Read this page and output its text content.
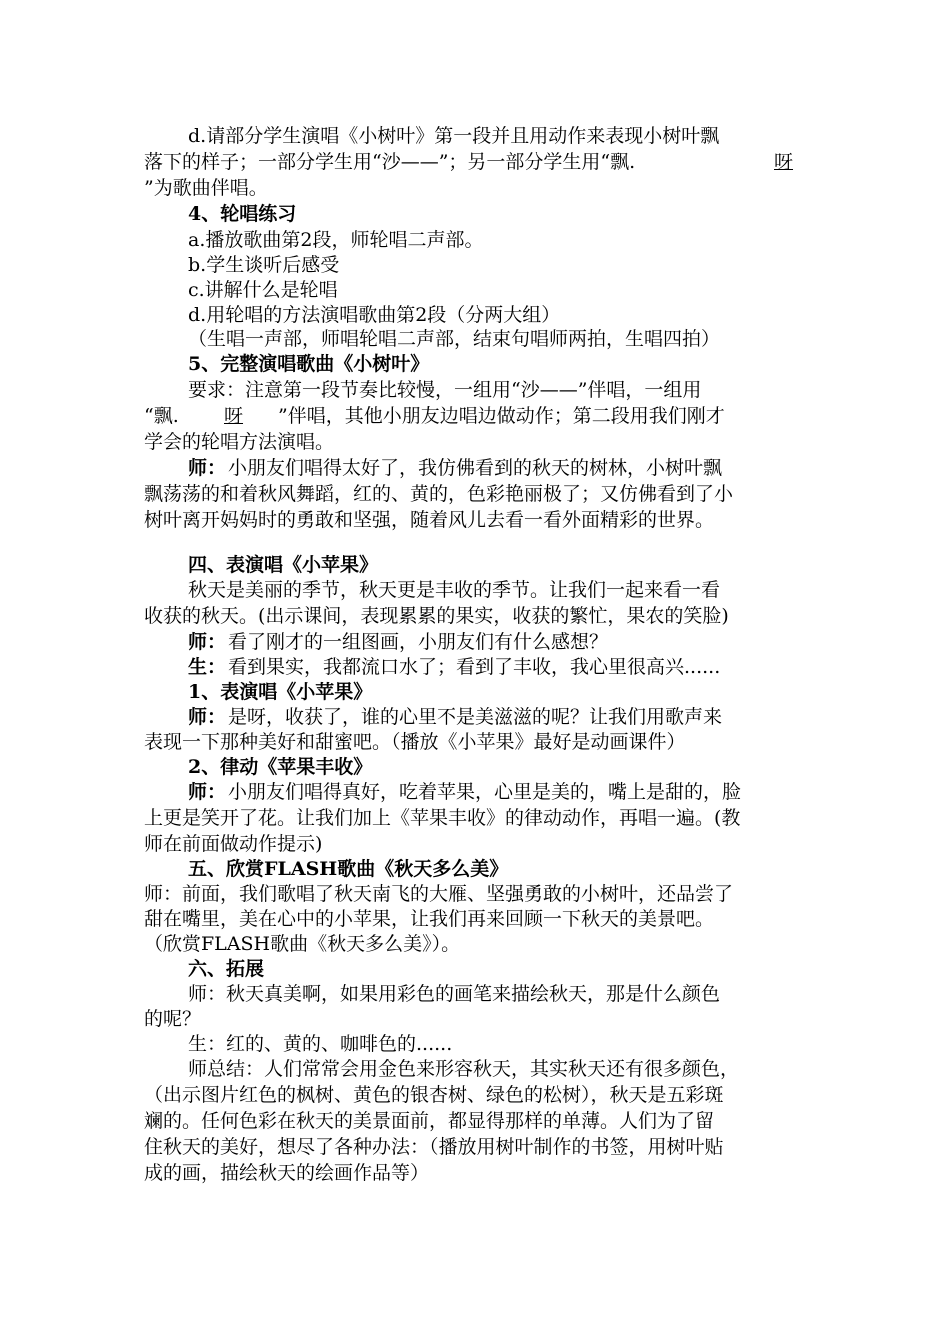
d.请部分学生演唱《小树叶》第一段并且用动作来表现小树叶飘
落下的样子；一部分学生用“沙——”；另一部分学生用“飘.	呀
”为歌曲伴唱。
4、轮唱练习
a.播放歌曲第2段，师轮唱二声部。
b.学生谈听后感受
c.讲解什么是轮唱
d.用轮唱的方法演唱歌曲第2段（分两大组）
（生唱一声部，师唱轮唱二声部，结束句唱师两拍，生唱四拍）
5、完整演唱歌曲《小树叶》
要求：注意第一段节奏比较慢，一组用“沙——”伴唱，一组用
“飘. 呀 ”伴唱，其他小朋友边唱边做动作；第二段用我们刚才
学会的轮唱方法演唱。
师： 小朋友们唱得太好了，我仿佛看到的秋天的树林，小树叶飘
飘荡荡的和着秋风舞蹈，红的、黄的，色彩艳丽极了；又仿佛看到了小
树叶离开妈妈时的勇敢和坚强，随着风儿去看一看外面精彩的世界。
四、表演唱《小苹果》
秋天是美丽的季节，秋天更是丰收的季节。让我们一起来看一看
收获的秋天。(出示课间，表现累累的果实，收获的繁忙，果农的笑脸)
师： 看了刚才的一组图画，小朋友们有什么感想？
生： 看到果实，我都流口水了；看到了丰收，我心里很高兴......
1、表演唱《小苹果》
师： 是呀，收获了，谁的心里不是美滋滋的呢？让我们用歌声来
表现一下那种美好和甜蜜吧。（播放《小苹果》最好是动画课件）
2、律动《苹果丰收》
师： 小朋友们唱得真好，吃着苹果，心里是美的，嘴上是甜的，脸
上更是笑开了花。让我们加上《苹果丰收》的律动动作，再唱一遍。(教
师在前面做动作提示)
五、欣赏FLASH歌曲《秋天多么美》
师：前面，我们歌唱了秋天南飞的大雁、坚强勇敢的小树叶，还品尝了
甜在嘴里，美在心中的小苹果，让我们再来回顾一下秋天的美景吧。
（欣赏FLASH歌曲《秋天多么美》）。
六、拓展
师：秋天真美啊，如果用彩色的画笔来描绘秋天，那是什么颜色
的呢？
生：红的、黄的、咖啡色的......
师总结：人们常常会用金色来形容秋天，其实秋天还有很多颜色，
（出示图片红色的枫树、黄色的银杏树、绿色的松树），秋天是五彩斑
斓的。任何色彩在秋天的美景面前，都显得那样的单薄。人们为了留
住秋天的美好，想尽了各种办法：（播放用树叶制作的书签，用树叶贴
成的画，描绘秋天的绘画作品等）
